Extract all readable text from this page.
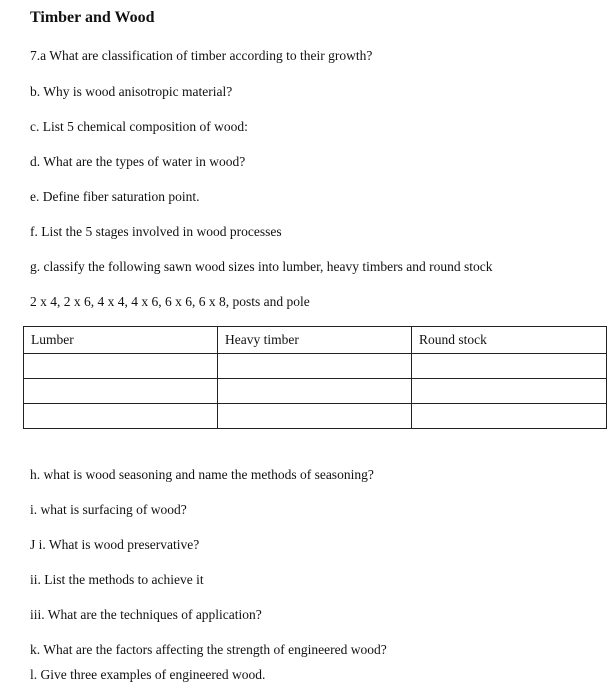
Timber and Wood
7.a What are classification of timber according to their growth?
b. Why is wood anisotropic material?
c. List 5 chemical composition of wood:
d. What are the types of water in wood?
e. Define fiber saturation point.
f. List the 5 stages involved in wood processes
g. classify the following sawn wood sizes into lumber, heavy timbers and round stock
2 x 4, 2 x 6, 4 x 4, 4 x 6, 6 x 6, 6 x 8, posts and pole
Lumber	Heavy timber	Round stock

h. what is wood seasoning and name the methods of seasoning?
i. what is surfacing of wood?
J i. What is wood preservative?
ii. List the methods to achieve it
iii. What are the techniques of application?
k. What are the factors affecting the strength of engineered wood?
l. Give three examples of engineered wood.
